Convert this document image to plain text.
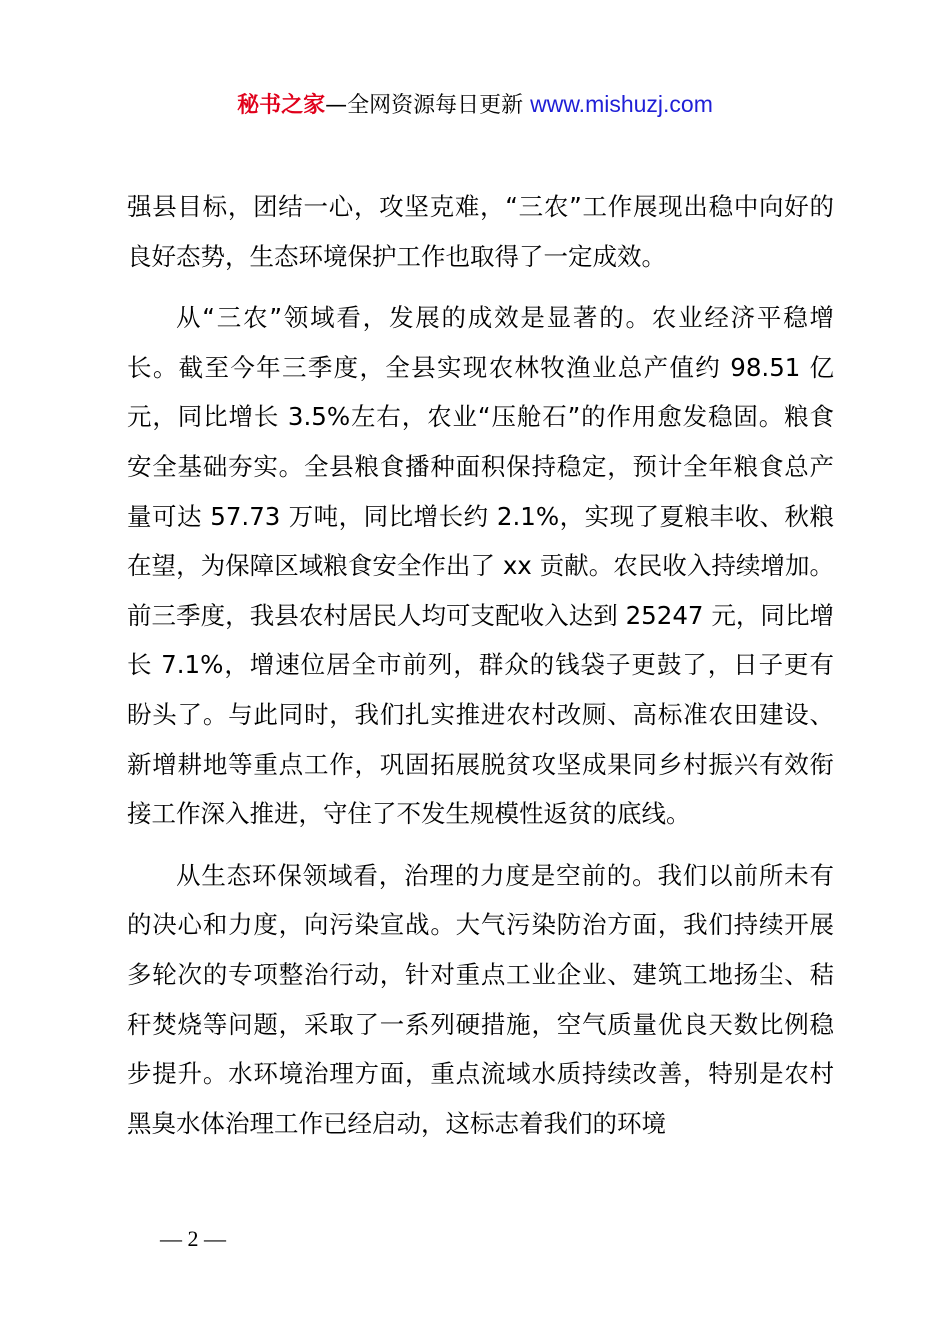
秘书之家—全网资源每日更新 www.mishuzj.com

强县目标，团结一心，攻坚克难，“三农”工作展现出稳中向好的良好态势，生态环境保护工作也取得了一定成效。

从“三农”领域看，发展的成效是显著的。农业经济平稳增长。截至今年三季度，全县实现农林牧渔业总产值约 98.51 亿元，同比增长 3.5%左右，农业“压舱石”的作用愈发稳固。粮食安全基础夯实。全县粮食播种面积保持稳定，预计全年粮食总产量可达 57.73 万吨，同比增长约 2.1%，实现了夏粮丰收、秋粮在望，为保障区域粮食安全作出了 xx 贡献。农民收入持续增加。前三季度，我县农村居民人均可支配收入达到 25247 元，同比增长 7.1%，增速位居全市前列，群众的钱袋子更鼓了，日子更有盼头了。与此同时，我们扎实推进农村改厕、高标准农田建设、新增耕地等重点工作，巩固拓展脱贫攻坚成果同乡村振兴有效衔接工作深入推进，守住了不发生规模性返贫的底线。

从生态环保领域看，治理的力度是空前的。我们以前所未有的决心和力度，向污染宣战。大气污染防治方面，我们持续开展多轮次的专项整治行动，针对重点工业企业、建筑工地扬尘、秸秆焚烧等问题，采取了一系列硬措施，空气质量优良天数比例稳步提升。水环境治理方面，重点流域水质持续改善，特别是农村黑臭水体治理工作已经启动，这标志着我们的环境

— 2 —
